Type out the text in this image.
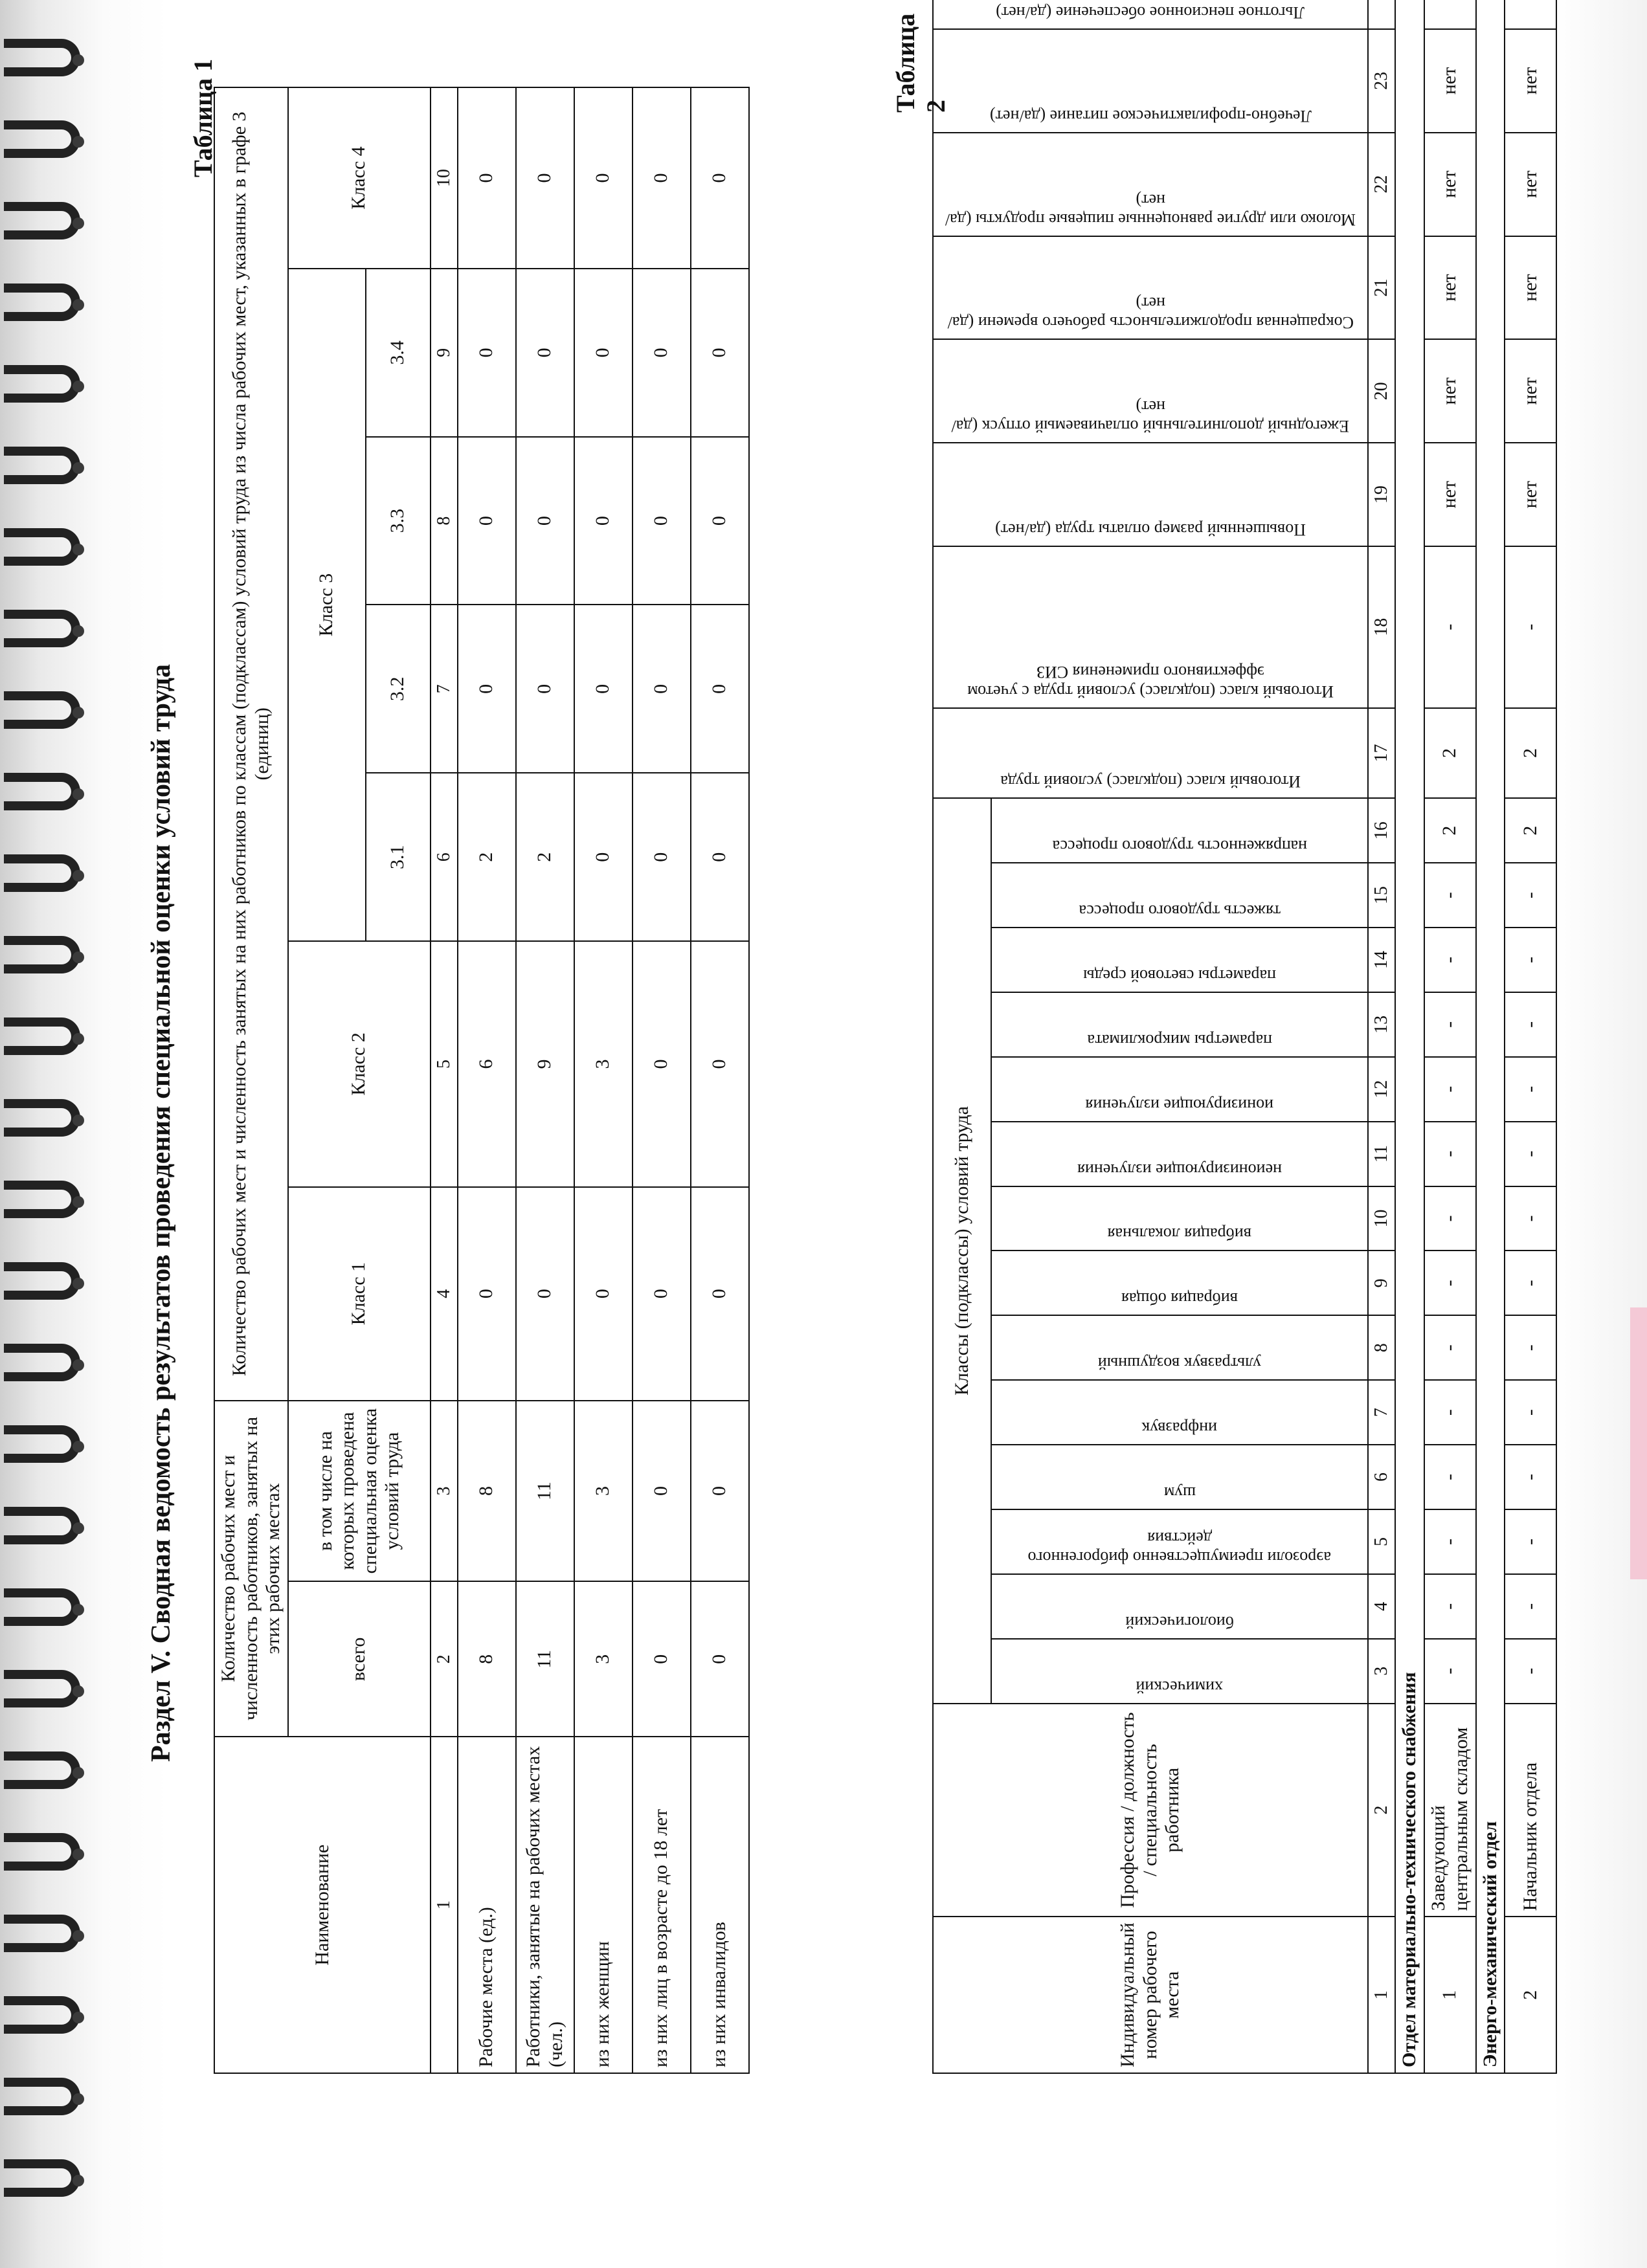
Раздел V. Сводная ведомость результатов проведения специальной оценки условий труда
Таблица 1
Наименование	Количество рабочих мест и численность работников, занятых на этих рабочих местах		Количество рабочих мест и численность занятых на них работников по классам (подклассам) условий труда из числа рабочих мест, указанных в графе 3 (единиц)						
	всего	в том числе на которых проведена специальная оценка условий труда	Класс 1	Класс 2	Класс 3				Класс 4
					3.1	3.2	3.3	3.4	
1	2	3	4	5	6	7	8	9	10
Рабочие места (ед.)	8	8	0	6	2	0	0	0	0
Работники, занятые на рабочих местах (чел.)	11	11	0	9	2	0	0	0	0
из них женщин	3	3	0	3	0	0	0	0	0
из них лиц в возрасте до 18 лет	0	0	0	0	0	0	0	0	0
из них инвалидов	0	0	0	0	0	0	0	0	0
Таблица 2
Индивидуальный номер рабочего места	Профессия / должность / специальность работника	Классы (подклассы) условий труда														Итоговый класс (подкласс) условий труда	Итоговый класс (подкласс) условий труда с учетом эффективного применения СИЗ	Повышенный размер оплаты труда (да/нет)	Ежегодный дополнительный оплачиваемый отпуск (да/нет)	Сокращенная продолжительность рабочего времени (да/нет)	Молоко или другие равноценные пищевые продукты (да/нет)	Лечебно-профилактическое питание (да/нет)	Льготное пенсионное обеспечение (да/нет)

		химический	биологический	аэрозоли преимущественно фиброгенного действия	шум	инфразвук	ультразвук воздушный	вибрация общая	вибрация локальная	неионизирующие излучения	ионизирующие излучения	параметры микроклимата	параметры световой среды	тяжесть трудового процесса	напряженность трудового процесса								

1	2	3	4	5	6	7	8	9	10	11	12	13	14	15	16	17	18	19	20	21	22	23	
Отдел материально-технического снабжения																							
1	Заведующий центральным складом	-	-	-	-	-	-	-	-	-	-	-	-	-	2	2	-	нет	нет	нет	нет	нет	
Энерго-механический отдел																							
2	Начальник отдела	-	-	-	-	-	-	-	-	-	-	-	-	-	2	2	-	нет	нет	нет	нет	нет	
